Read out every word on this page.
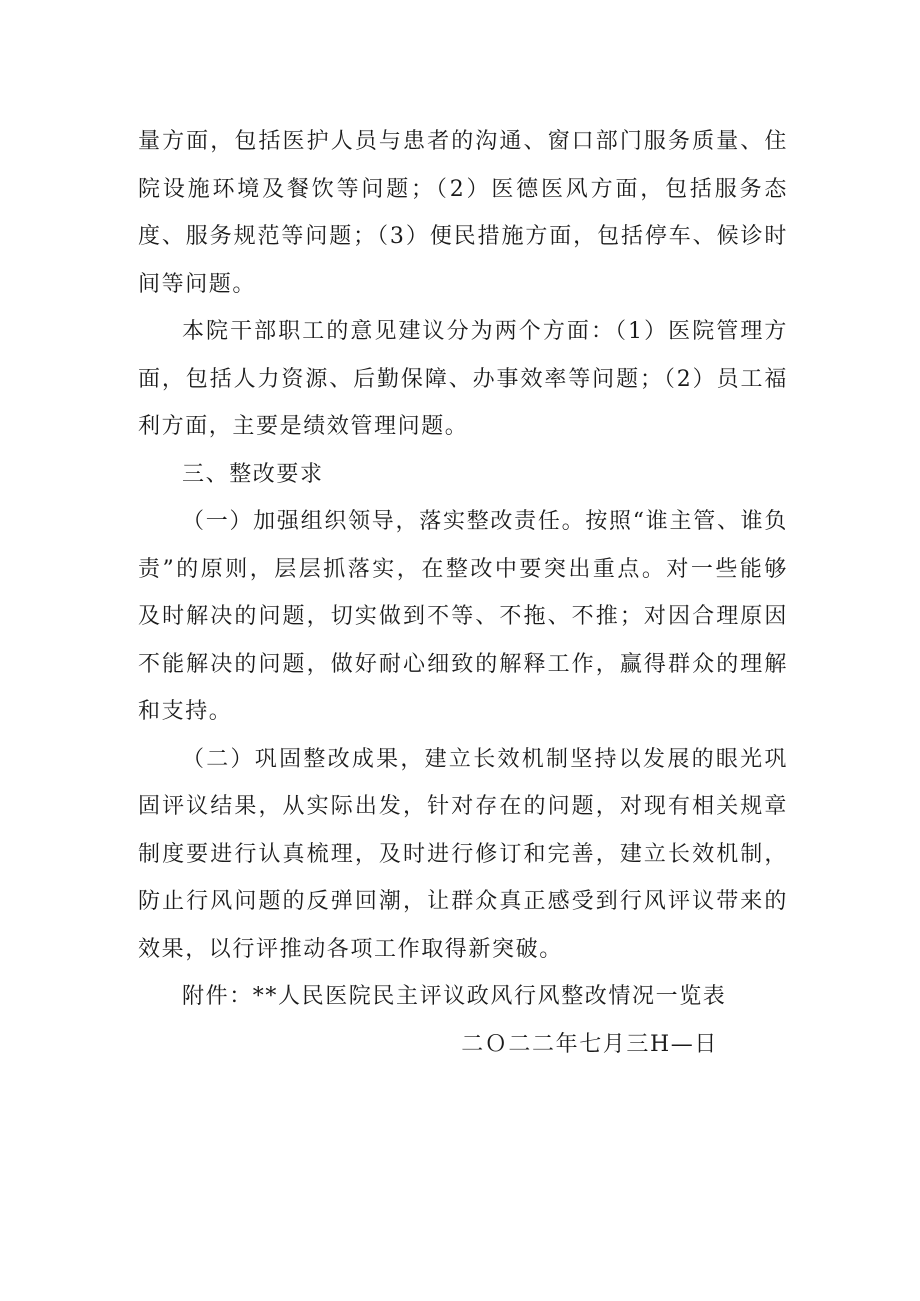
量方面，包括医护人员与患者的沟通、窗口部门服务质量、住院设施环境及餐饮等问题；（2）医德医风方面，包括服务态度、服务规范等问题；（3）便民措施方面，包括停车、候诊时间等问题。

本院干部职工的意见建议分为两个方面：（1）医院管理方面，包括人力资源、后勤保障、办事效率等问题；（2）员工福利方面，主要是绩效管理问题。

三、整改要求

（一）加强组织领导，落实整改责任。按照“谁主管、谁负责”的原则，层层抓落实，在整改中要突出重点。对一些能够及时解决的问题，切实做到不等、不拖、不推；对因合理原因不能解决的问题，做好耐心细致的解释工作，赢得群众的理解和支持。

（二）巩固整改成果，建立长效机制坚持以发展的眼光巩固评议结果，从实际出发，针对存在的问题，对现有相关规章制度要进行认真梳理，及时进行修订和完善，建立长效机制，防止行风问题的反弹回潮，让群众真正感受到行风评议带来的效果，以行评推动各项工作取得新突破。

附件：**人民医院民主评议政风行风整改情况一览表

二Ｏ二二年七月三H—日
